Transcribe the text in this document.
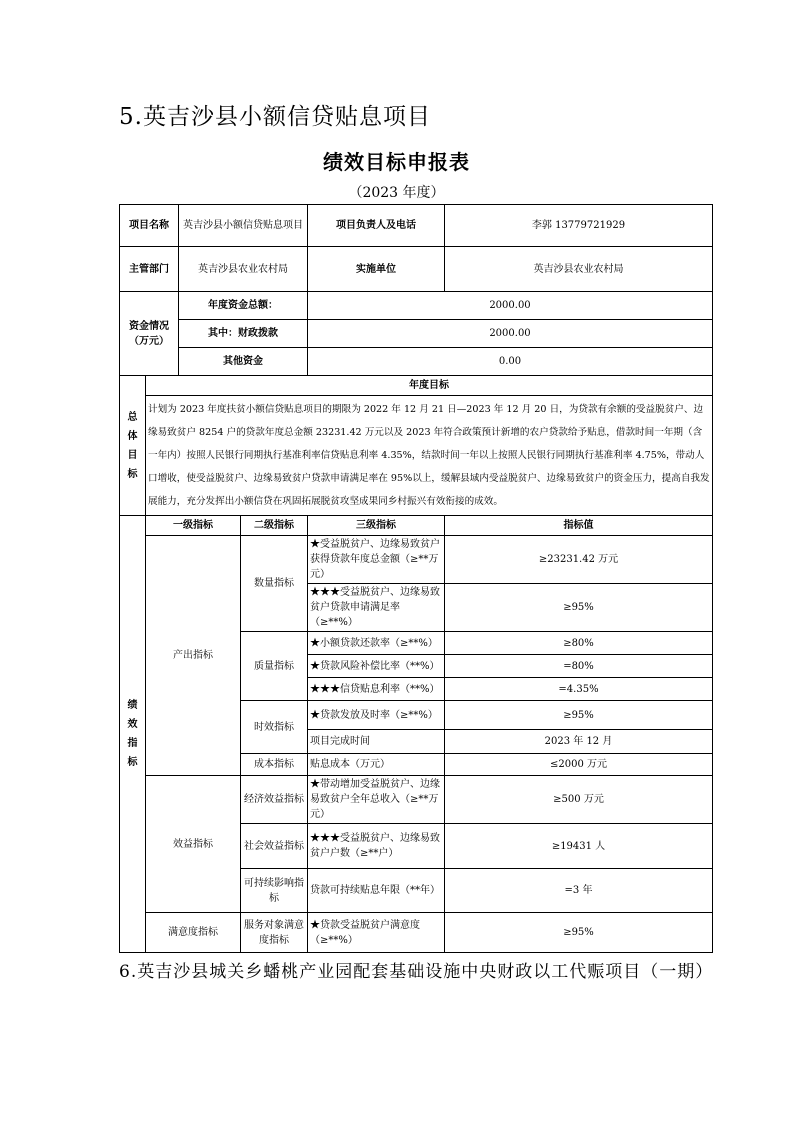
5.英吉沙县小额信贷贴息项目
绩效目标申报表
（2023 年度）
项目名称		英吉沙县小额信贷贴息项目		项目负责人及电话	李郭 13779721929
主管部门		英吉沙县农业农村局		实施单位	英吉沙县农业农村局

资金情况
（万元）		年度资金总额：		2000.00	
		其中：财政拨款		2000.00	
		其他资金		0.00	

总
体
目
标	年度目标				
	计划为 2023 年度扶贫小额信贷贴息项目的期限为 2022 年 12 月 21 日—2023 年 12 月 20 日，为贷款有余额的受益脱贫户、边缘易致贫户 8254 户的贷款年度总金额 23231.42 万元以及 2023 年符合政策预计新增的农户贷款给予贴息，借款时间一年期（含一年内）按照人民银行同期执行基准利率信贷贴息利率 4.35%，结款时间一年以上按照人民银行同期执行基准利率 4.75%，带动人口增收，使受益脱贫户、边缘易致贫户贷款申请满足率在 95%以上，缓解县域内受益脱贫户、边缘易致贫户的资金压力，提高自我发展能力，充分发挥出小额信贷在巩固拓展脱贫攻坚成果同乡村振兴有效衔接的成效。				

绩
效
指
标	一级指标		二级指标	三级指标	指标值
	产出指标		数量指标	★受益脱贫户、边缘易致贫户获得贷款年度总金额（≥**万元）	≥23231.42 万元
				★★★受益脱贫户、边缘易致贫户贷款申请满足率（≥**%）	≥95%
			质量指标	★小额贷款还款率（≥**%）	≥80%
				★贷款风险补偿比率（**%）	=80%
				★★★信贷贴息利率（**%）	=4.35%
			时效指标	★贷款发放及时率（≥**%）	≥95%
				项目完成时间	2023 年 12 月
			成本指标	贴息成本（万元）	≤2000 万元
	效益指标		经济效益指标	★带动增加受益脱贫户、边缘易致贫户全年总收入（≥**万元）	≥500 万元
			社会效益指标	★★★受益脱贫户、边缘易致贫户户数（≥**户）	≥19431 人
			可持续影响指标	贷款可持续贴息年限（**年）	=3 年
	满意度指标		服务对象满意度指标	★贷款受益脱贫户满意度（≥**%）	≥95%
6.英吉沙县城关乡蟠桃产业园配套基础设施中央财政以工代赈项目（一期）
